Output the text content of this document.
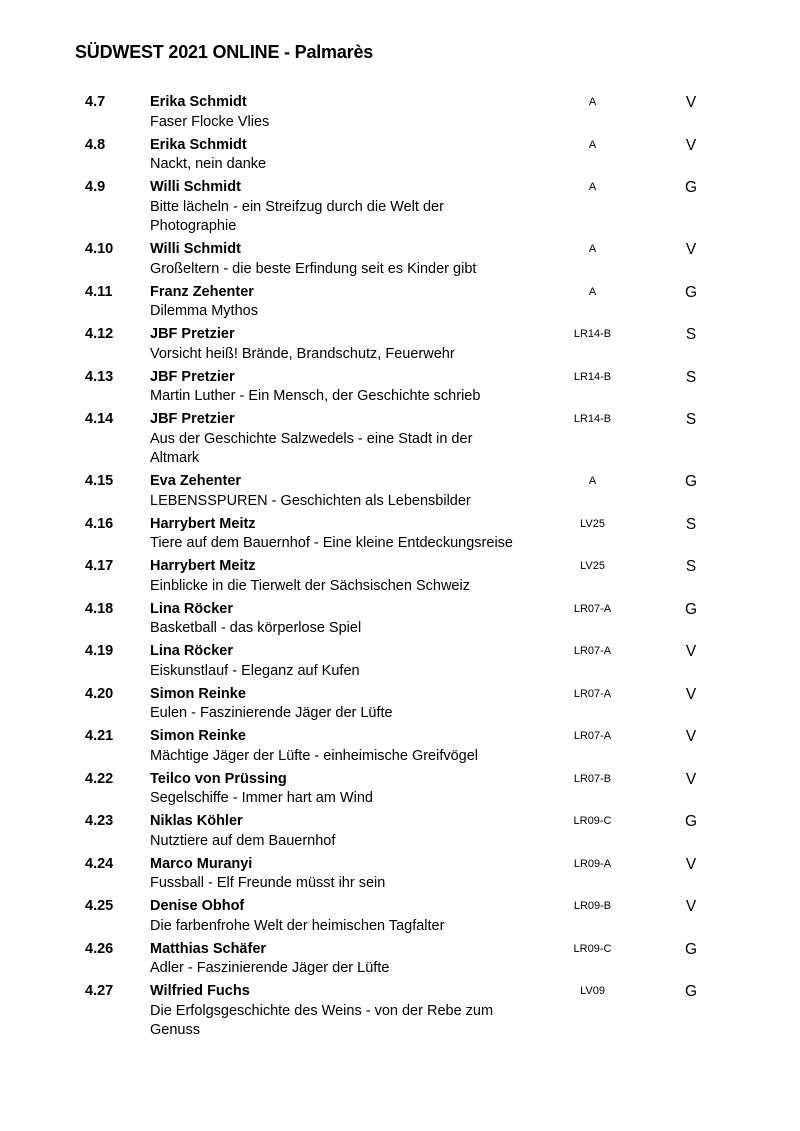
SÜDWEST 2021 ONLINE - Palmarès
4.7	Erika Schmidt
Faser Flocke Vlies
A	V
4.8	Erika Schmidt
Nackt, nein danke
A	V
4.9	Willi Schmidt
Bitte lächeln - ein Streifzug durch die Welt der
Photographie
A	G
4.10	Willi Schmidt
Großeltern - die beste Erfindung seit es Kinder gibt
A	V
4.11	Franz Zehenter
Dilemma Mythos
A	G
4.12	JBF Pretzier
Vorsicht heiß! Brände, Brandschutz, Feuerwehr
LR14-B	S
4.13	JBF Pretzier
Martin Luther - Ein Mensch, der Geschichte schrieb
LR14-B	S
4.14	JBF Pretzier
Aus der Geschichte Salzwedels - eine Stadt in der
Altmark
LR14-B	S
4.15	Eva Zehenter
LEBENSSPUREN - Geschichten als Lebensbilder
A	G
4.16	Harrybert Meitz
Tiere auf dem Bauernhof - Eine kleine Entdeckungsreise
LV25	S
4.17	Harrybert Meitz
Einblicke in die Tierwelt der Sächsischen Schweiz
LV25	S
4.18	Lina Röcker
Basketball - das körperlose Spiel
LR07-A	G
4.19	Lina Röcker
Eiskunstlauf - Eleganz auf Kufen
LR07-A	V
4.20	Simon Reinke
Eulen - Faszinierende Jäger der Lüfte
LR07-A	V
4.21	Simon Reinke
Mächtige Jäger der Lüfte - einheimische Greifvögel
LR07-A	V
4.22	Teilco von Prüssing
Segelschiffe - Immer hart am Wind
LR07-B	V
4.23	Niklas Köhler
Nutztiere auf dem Bauernhof
LR09-C	G
4.24	Marco Muranyi
Fussball - Elf Freunde müsst ihr sein
LR09-A	V
4.25	Denise Obhof
Die farbenfrohe Welt der heimischen Tagfalter
LR09-B	V
4.26	Matthias Schäfer
Adler - Faszinierende Jäger der Lüfte
LR09-C	G
4.27	Wilfried Fuchs
Die Erfolgsgeschichte des Weins - von der Rebe zum
Genuss
LV09	G
